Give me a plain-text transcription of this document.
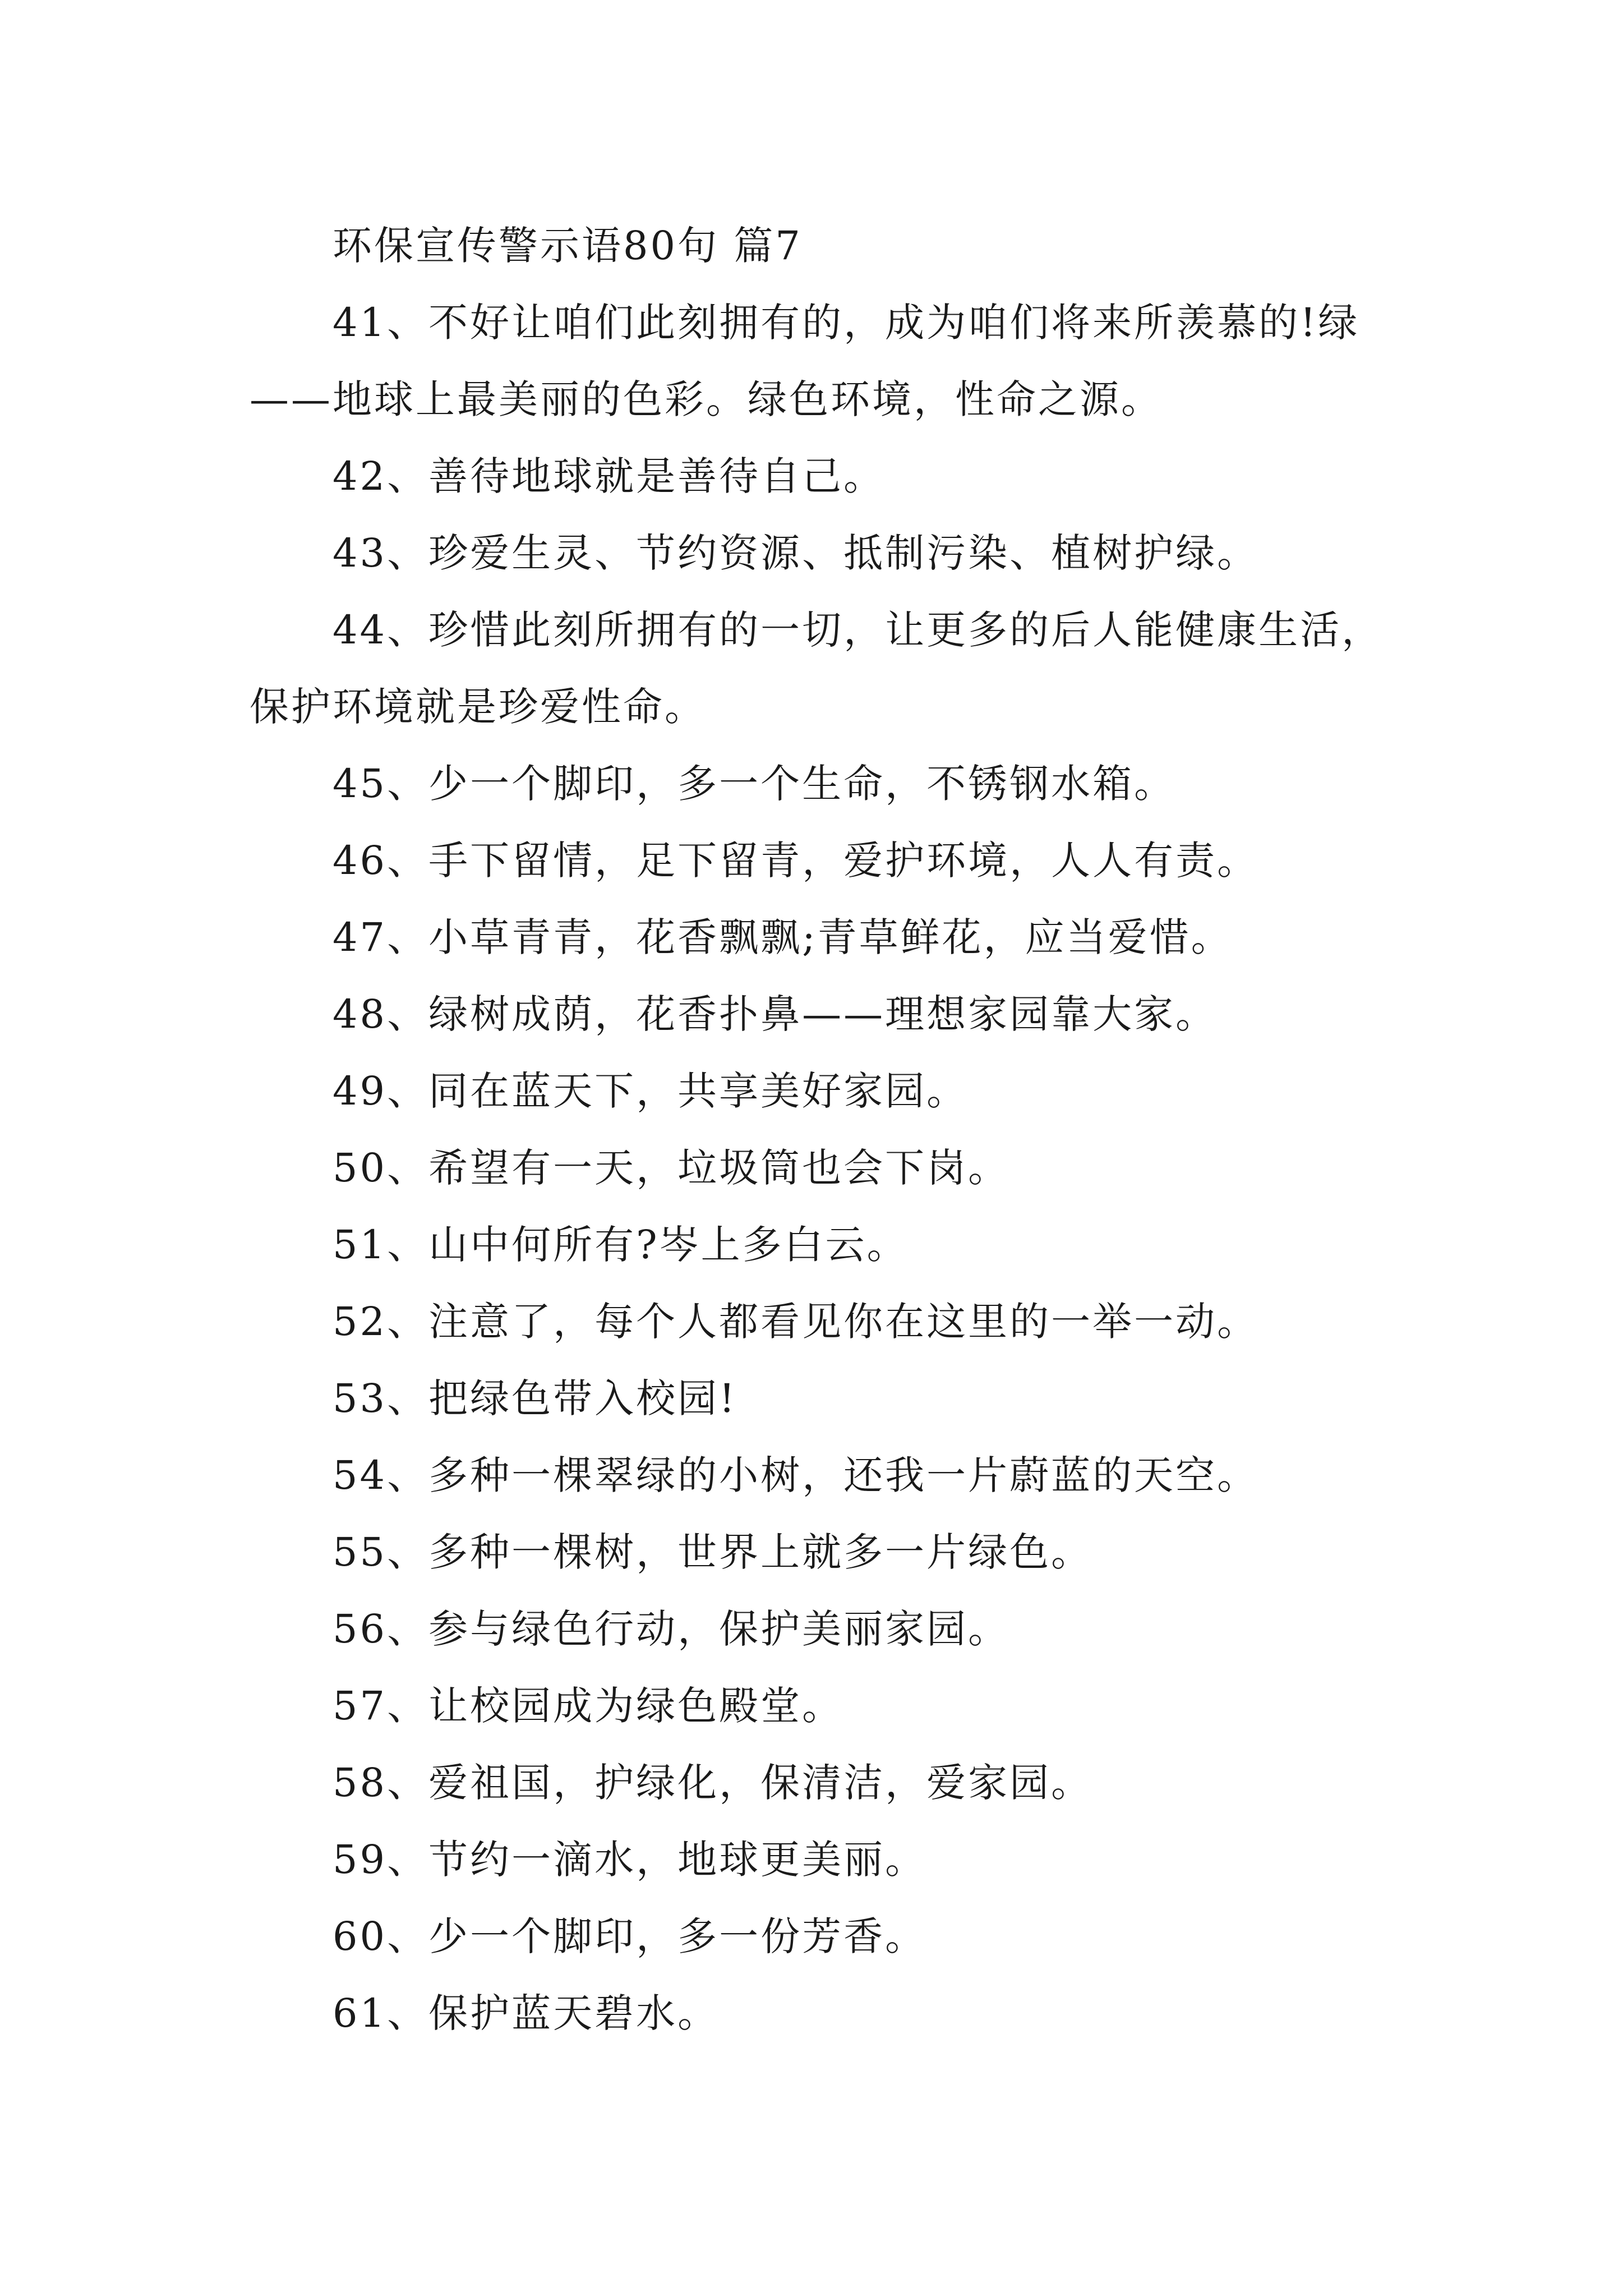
环保宣传警示语80句 篇7

41、不好让咱们此刻拥有的，成为咱们将来所羡慕的!绿——地球上最美丽的色彩。绿色环境，性命之源。

42、善待地球就是善待自己。

43、珍爱生灵、节约资源、抵制污染、植树护绿。

44、珍惜此刻所拥有的一切，让更多的后人能健康生活，保护环境就是珍爱性命。

45、少一个脚印，多一个生命，不锈钢水箱。

46、手下留情，足下留青，爱护环境，人人有责。

47、小草青青，花香飘飘;青草鲜花，应当爱惜。

48、绿树成荫，花香扑鼻——理想家园靠大家。

49、同在蓝天下，共享美好家园。

50、希望有一天，垃圾筒也会下岗。

51、山中何所有?岑上多白云。

52、注意了，每个人都看见你在这里的一举一动。

53、把绿色带入校园!

54、多种一棵翠绿的小树，还我一片蔚蓝的天空。

55、多种一棵树，世界上就多一片绿色。

56、参与绿色行动，保护美丽家园。

57、让校园成为绿色殿堂。

58、爱祖国，护绿化，保清洁，爱家园。

59、节约一滴水，地球更美丽。

60、少一个脚印，多一份芳香。

61、保护蓝天碧水。
